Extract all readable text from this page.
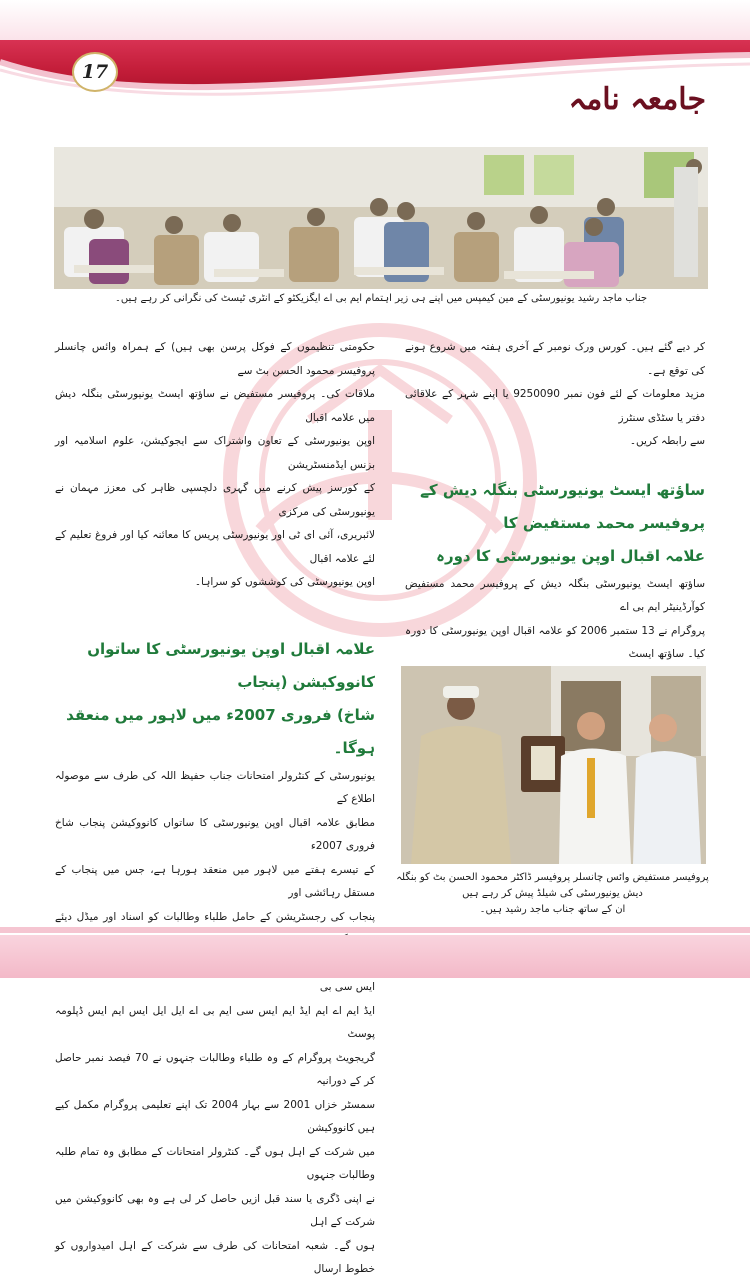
17
جامعہ نامہ
جناب ماجد رشید یونیورسٹی کے مین کیمپس میں اپنے ہی زیر اہتمام ایم بی اے ایگزیکٹو کے انٹری ٹیسٹ کی نگرانی کر رہے ہیں۔

کر دیے گئے ہیں۔ کورس ورک نومبر کے آخری ہفتہ میں شروع ہونے کی توقع ہے۔

مزید معلومات کے لئے فون نمبر 9250090 یا اپنے شہر کے علاقائی دفتر یا سٹڈی سنٹرز

سے رابطہ کریں۔

ساؤتھ ایسٹ یونیورسٹی بنگلہ دیش کے پروفیسر محمد مستفیض کا

علامہ اقبال اوپن یونیورسٹی کا دورہ

ساؤتھ ایسٹ یونیورسٹی بنگلہ دیش کے پروفیسر محمد مستفیض کوآرڈینیٹر ایم بی اے

پروگرام نے 13 ستمبر 2006 کو علامہ اقبال اوپن یونیورسٹی کا دورہ کیا۔ ساؤتھ ایسٹ

حکومتی تنظیموں کے فوکل پرسن بھی ہیں) کے ہمراہ وائس چانسلر پروفیسر محمود الحسن بٹ سے

ملاقات کی۔ پروفیسر مستفیض نے ساؤتھ ایسٹ یونیورسٹی بنگلہ دیش میں علامہ اقبال

اوپن یونیورسٹی کے تعاون واشتراک سے ایجوکیشن، علوم اسلامیہ اور بزنس ایڈمنسٹریشن

کے کورسز پیش کرنے میں گہری دلچسپی ظاہر کی معزز مہمان نے یونیورسٹی کی مرکزی

لائبریری، آئی ای ٹی اور یونیورسٹی پریس کا معائنہ کیا اور فروغ تعلیم کے لئے علامہ اقبال

اوپن یونیورسٹی کی کوششوں کو سراہا۔

علامہ اقبال اوپن یونیورسٹی کا ساتواں کانووکیشن (پنجاب

شاخ) فروری 2007ء میں لاہور میں منعقد ہوگا۔

یونیورسٹی کے کنٹرولر امتحانات جناب حفیظ اللہ کی طرف سے موصولہ اطلاع کے

مطابق علامہ اقبال اوپن یونیورسٹی کا ساتواں کانووکیشن پنجاب شاخ فروری 2007ء

کے تیسرے ہفتے میں لاہور میں منعقد ہورہا ہے، جس میں پنجاب کے مستقل رہائشی اور

پنجاب کی رجسٹریشن کے حامل طلباء وطالبات کو اسناد اور میڈل دیئے

ایس سی بی

ایڈ ایم اے ایم ایڈ ایم ایس سی ایم بی اے ایل ایل ایس ایم ایس ڈپلومہ پوسٹ

گریجویٹ پروگرام کے وہ طلباء وطالبات جنہوں نے 70 فیصد نمبر حاصل کر کے دورانیہ

سمسٹر خزاں 2001 سے بہار 2004 تک اپنے تعلیمی پروگرام مکمل کیے ہیں کانووکیشن

میں شرکت کے اہل ہوں گے۔ کنٹرولر امتحانات کے مطابق وہ تمام طلبہ وطالبات جنہوں

نے اپنی ڈگری یا سند قبل ازیں حاصل کر لی ہے وہ بھی کانووکیشن میں شرکت کے اہل

ہوں گے۔ شعبہ امتحانات کی طرف سے شرکت کے اہل امیدواروں کو خطوط ارسال

پروفیسر مستفیض وائس چانسلر پروفیسر ڈاکٹر محمود الحسن بٹ کو بنگلہ دیش یونیورسٹی کی شیلڈ پیش کر رہے ہیں
ان کے ساتھ جناب ماجد رشید ہیں۔
